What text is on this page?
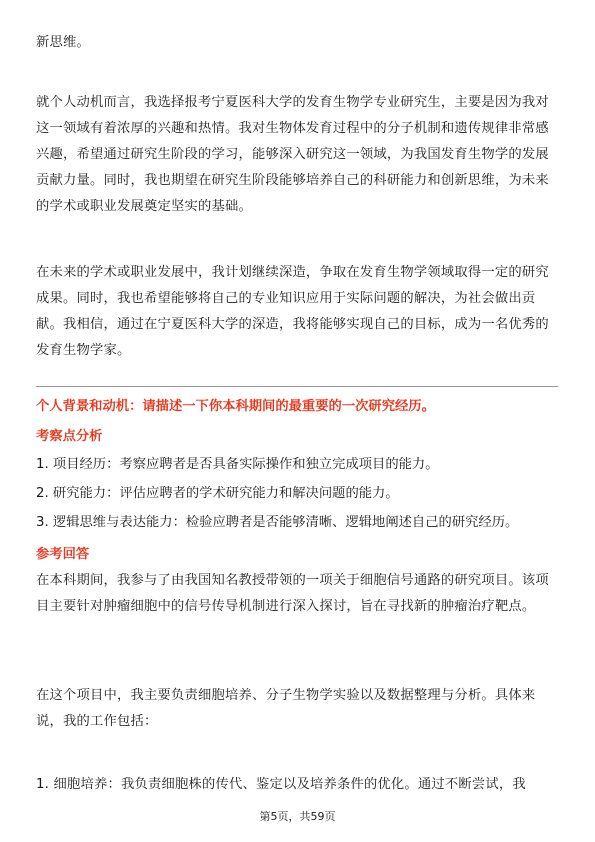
新思维。

就个人动机而言，我选择报考宁夏医科大学的发育生物学专业研究生，主要是因为我对这一领域有着浓厚的兴趣和热情。我对生物体发育过程中的分子机制和遗传规律非常感兴趣，希望通过研究生阶段的学习，能够深入研究这一领域，为我国发育生物学的发展贡献力量。同时，我也期望在研究生阶段能够培养自己的科研能力和创新思维，为未来的学术或职业发展奠定坚实的基础。

在未来的学术或职业发展中，我计划继续深造，争取在发育生物学领域取得一定的研究成果。同时，我也希望能够将自己的专业知识应用于实际问题的解决，为社会做出贡献。我相信，通过在宁夏医科大学的深造，我将能够实现自己的目标，成为一名优秀的发育生物学家。

个人背景和动机：请描述一下你本科期间的最重要的一次研究经历。
考察点分析
1. 项目经历：考察应聘者是否具备实际操作和独立完成项目的能力。
2. 研究能力：评估应聘者的学术研究能力和解决问题的能力。
3. 逻辑思维与表达能力：检验应聘者是否能够清晰、逻辑地阐述自己的研究经历。
参考回答

在本科期间，我参与了由我国知名教授带领的一项关于细胞信号通路的研究项目。该项目主要针对肿瘤细胞中的信号传导机制进行深入探讨，旨在寻找新的肿瘤治疗靶点。

在这个项目中，我主要负责细胞培养、分子生物学实验以及数据整理与分析。具体来说，我的工作包括：

1. 细胞培养：我负责细胞株的传代、鉴定以及培养条件的优化。通过不断尝试，我

第5页，共59页
